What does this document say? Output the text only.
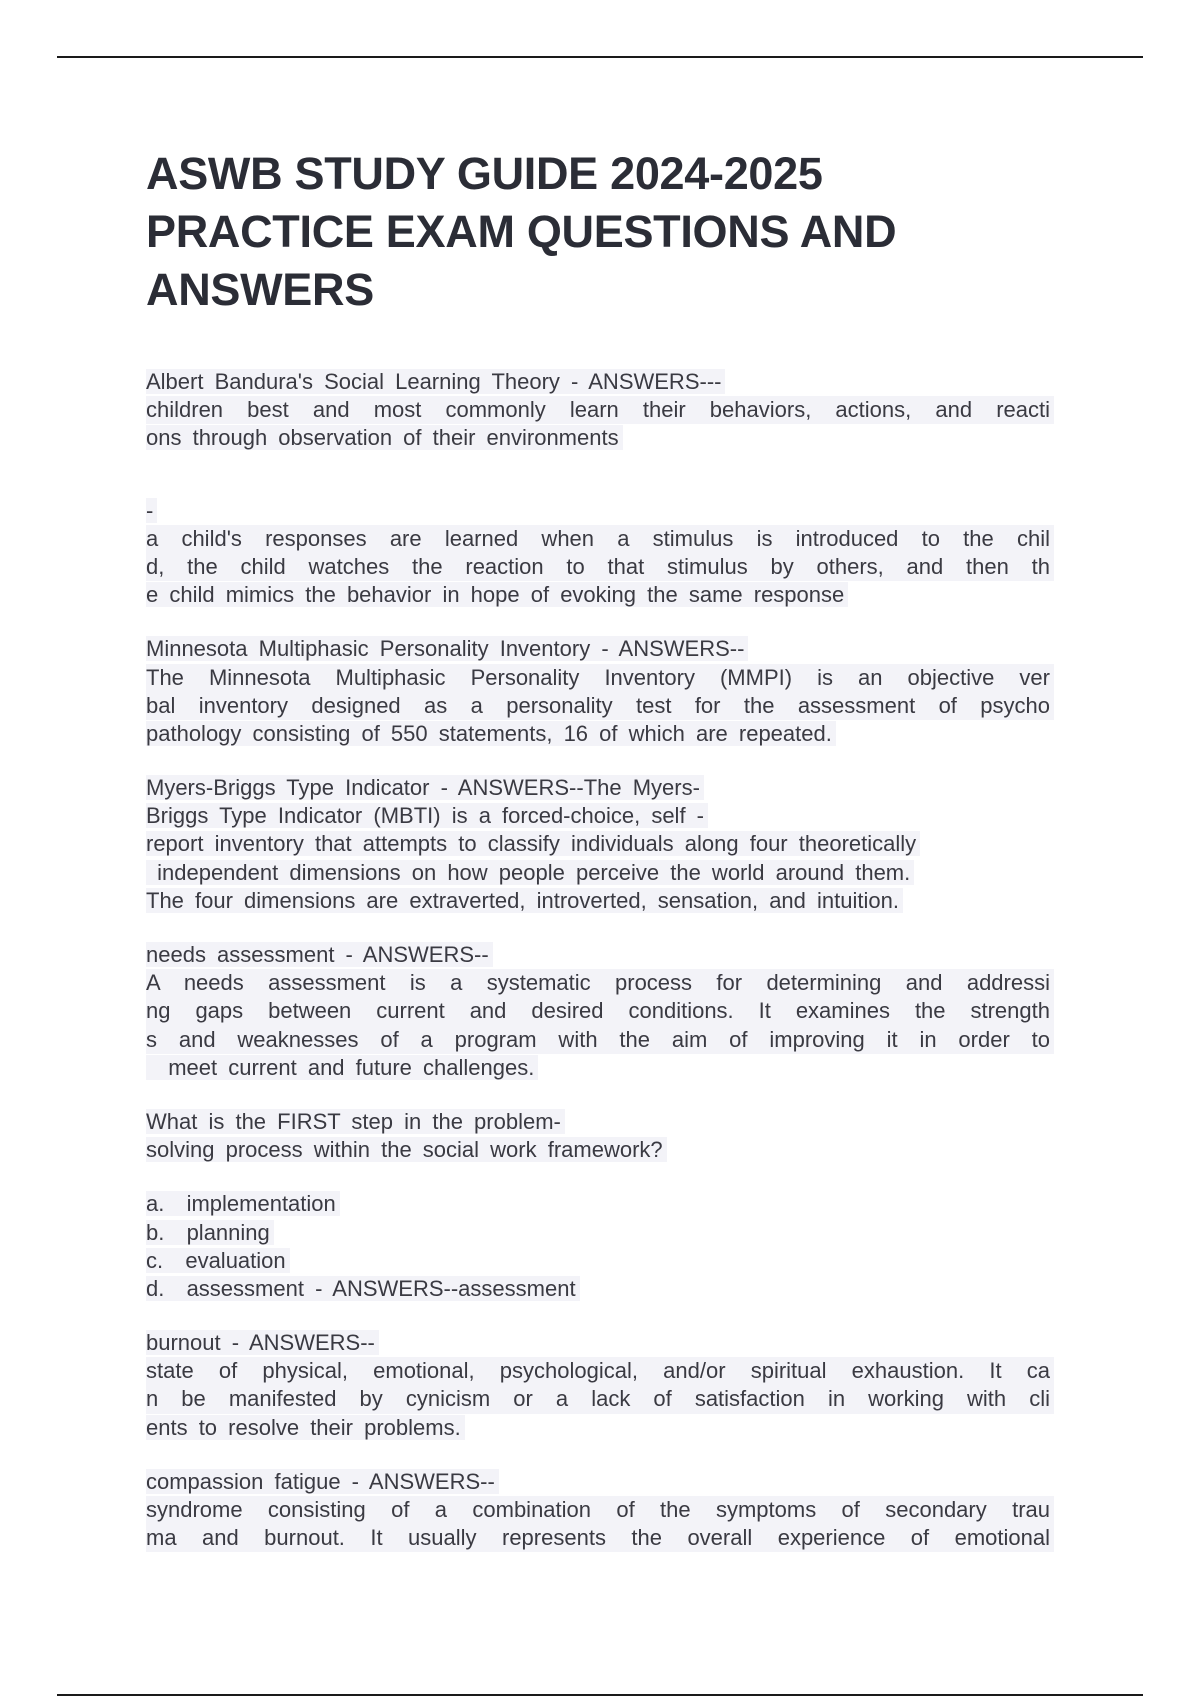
ASWB STUDY GUIDE 2024-2025
PRACTICE EXAM QUESTIONS AND
ANSWERS
Albert Bandura's Social Learning Theory - ANSWERS---
children best and most commonly learn their behaviors, actions, and reacti
ons through observation of their environments
-
a child's responses are learned when a stimulus is introduced to the chil
d, the child watches the reaction to that stimulus by others, and then th
e child mimics the behavior in hope of evoking the same response
Minnesota Multiphasic Personality Inventory - ANSWERS--
The Minnesota Multiphasic Personality Inventory (MMPI) is an objective ver
bal inventory designed as a personality test for the assessment of psycho
pathology consisting of 550 statements, 16 of which are repeated.
Myers-Briggs Type Indicator - ANSWERS--The Myers-
Briggs Type Indicator (MBTI) is a forced-choice, self -
report inventory that attempts to classify individuals along four theoretically
independent dimensions on how people perceive the world around them.
The four dimensions are extraverted, introverted, sensation, and intuition.
needs assessment - ANSWERS--
A needs assessment is a systematic process for determining and addressi
ng gaps between current and desired conditions. It examines the strength
s and weaknesses of a program with the aim of improving it in order to
meet current and future challenges.
What is the FIRST step in the problem-
solving process within the social work framework?
a.  implementation
b.  planning
c.  evaluation
d.  assessment - ANSWERS--assessment
burnout - ANSWERS--
state of physical, emotional, psychological, and/or spiritual exhaustion. It ca
n be manifested by cynicism or a lack of satisfaction in working with cli
ents to resolve their problems.
compassion fatigue - ANSWERS--
syndrome consisting of a combination of the symptoms of secondary trau
ma and burnout. It usually represents the overall experience of emotional
